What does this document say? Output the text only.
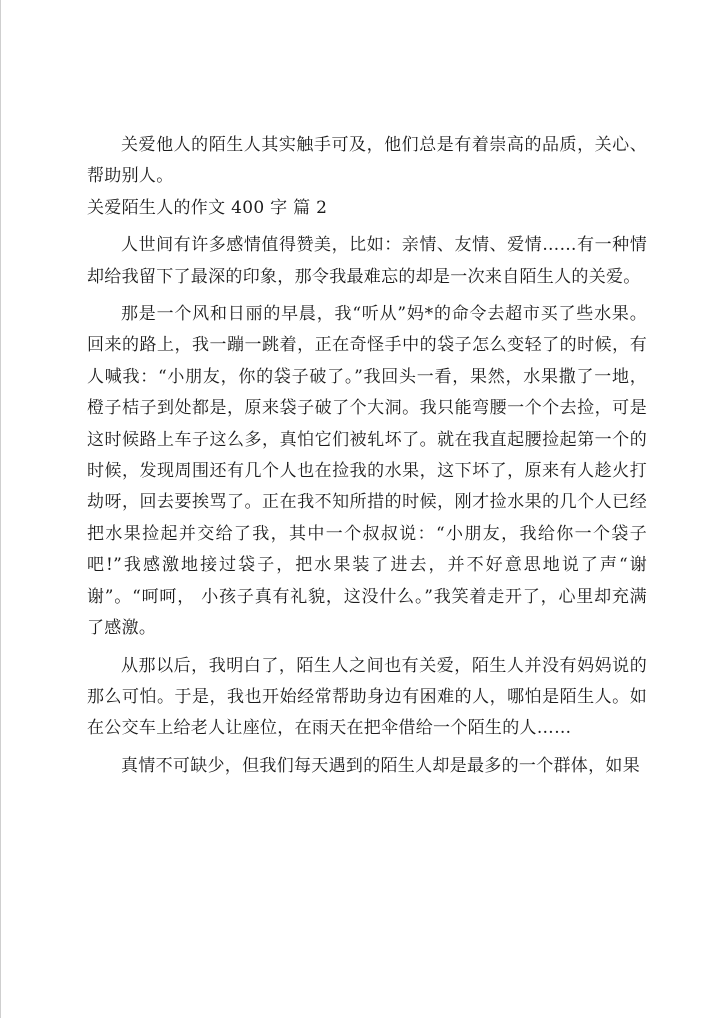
关爱他人的陌生人其实触手可及，他们总是有着崇高的品质，关心、帮助别人。

关爱陌生人的作文 400 字 篇 2

人世间有许多感情值得赞美，比如：亲情、友情、爱情……有一种情却给我留下了最深的印象，那令我最难忘的却是一次来自陌生人的关爱。

那是一个风和日丽的早晨，我“听从”妈*的命令去超市买了些水果。回来的路上，我一蹦一跳着，正在奇怪手中的袋子怎么变轻了的时候，有人喊我：“小朋友，你的袋子破了。”我回头一看，果然，水果撒了一地，橙子桔子到处都是，原来袋子破了个大洞。我只能弯腰一个个去捡，可是这时候路上车子这么多，真怕它们被轧坏了。就在我直起腰捡起第一个的时候，发现周围还有几个人也在捡我的水果，这下坏了，原来有人趁火打劫呀，回去要挨骂了。正在我不知所措的时候，刚才捡水果的几个人已经把水果捡起并交给了我，其中一个叔叔说：“小朋友，我给你一个袋子吧!”我感激地接过袋子，把水果装了进去，并不好意思地说了声“谢谢”。“呵呵， 小孩子真有礼貌，这没什么。”我笑着走开了，心里却充满了感激。

从那以后，我明白了，陌生人之间也有关爱，陌生人并没有妈妈说的那么可怕。于是，我也开始经常帮助身边有困难的人，哪怕是陌生人。如在公交车上给老人让座位，在雨天在把伞借给一个陌生的人……

真情不可缺少，但我们每天遇到的陌生人却是最多的一个群体，如果
